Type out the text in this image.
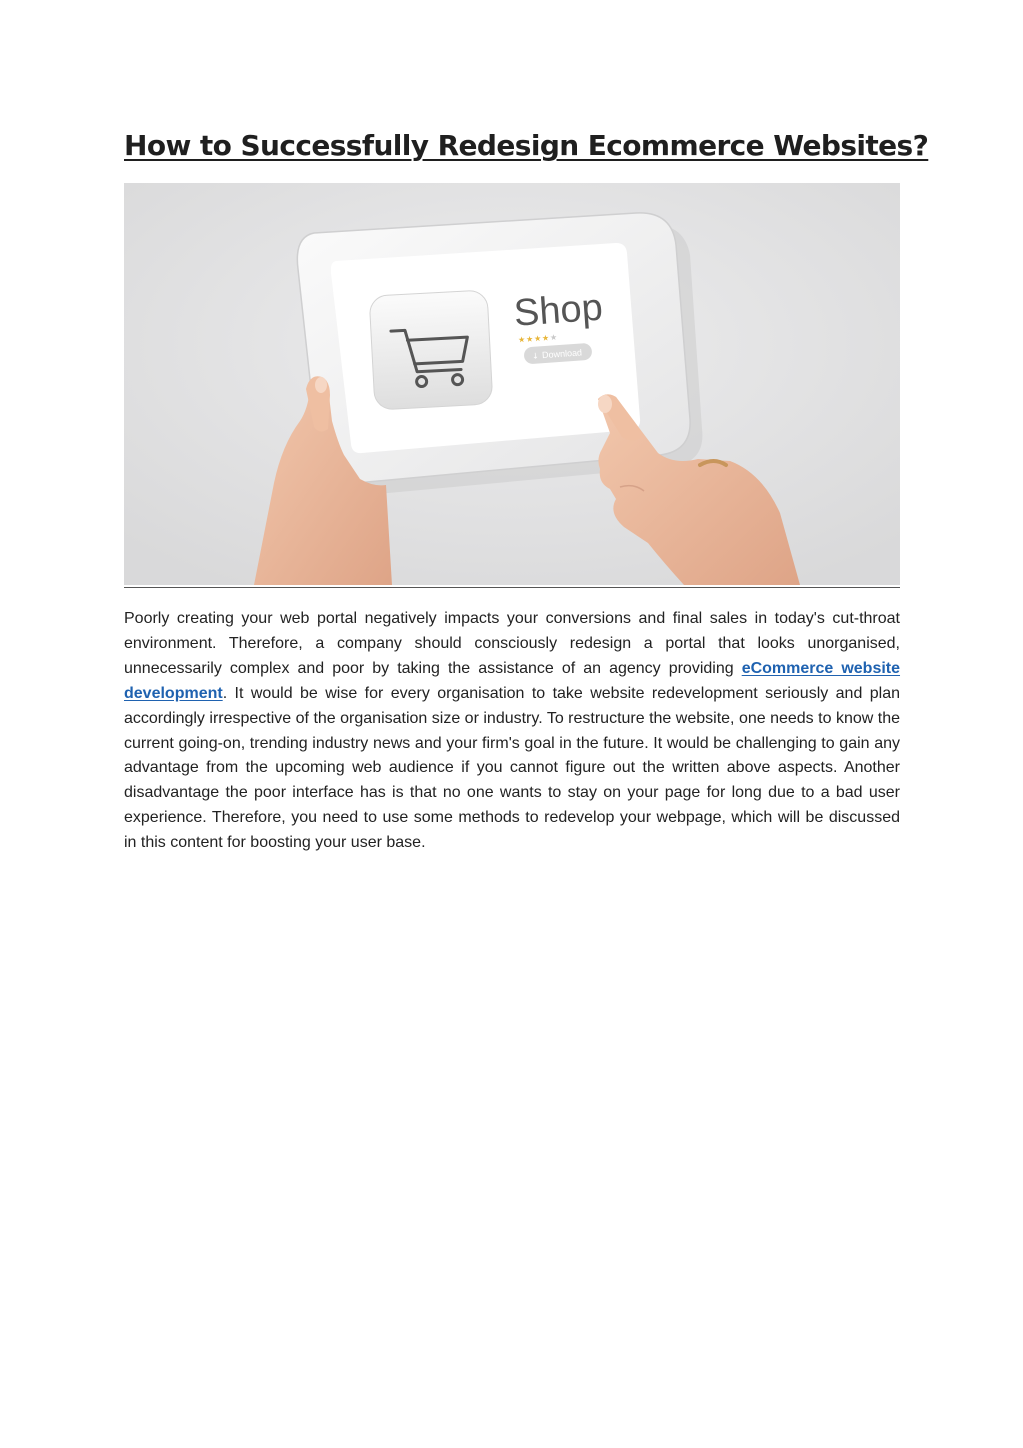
How to Successfully Redesign Ecommerce Websites?
Shop
★ ★ ★ ★ ★
Download
↓

Poorly creating your web portal negatively impacts your conversions and final sales in today's cut-throat environment. Therefore, a company should consciously redesign a portal that looks unorganised, unnecessarily complex and poor by taking the assistance of an agency providing eCommerce website development. It would be wise for every organisation to take website redevelopment seriously and plan accordingly irrespective of the organisation size or industry. To restructure the website, one needs to know the current going-on, trending industry news and your firm's goal in the future. It would be challenging to gain any advantage from the upcoming web audience if you cannot figure out the written above aspects. Another disadvantage the poor interface has is that no one wants to stay on your page for long due to a bad user experience. Therefore, you need to use some methods to redevelop your webpage, which will be discussed in this content for boosting your user base.
